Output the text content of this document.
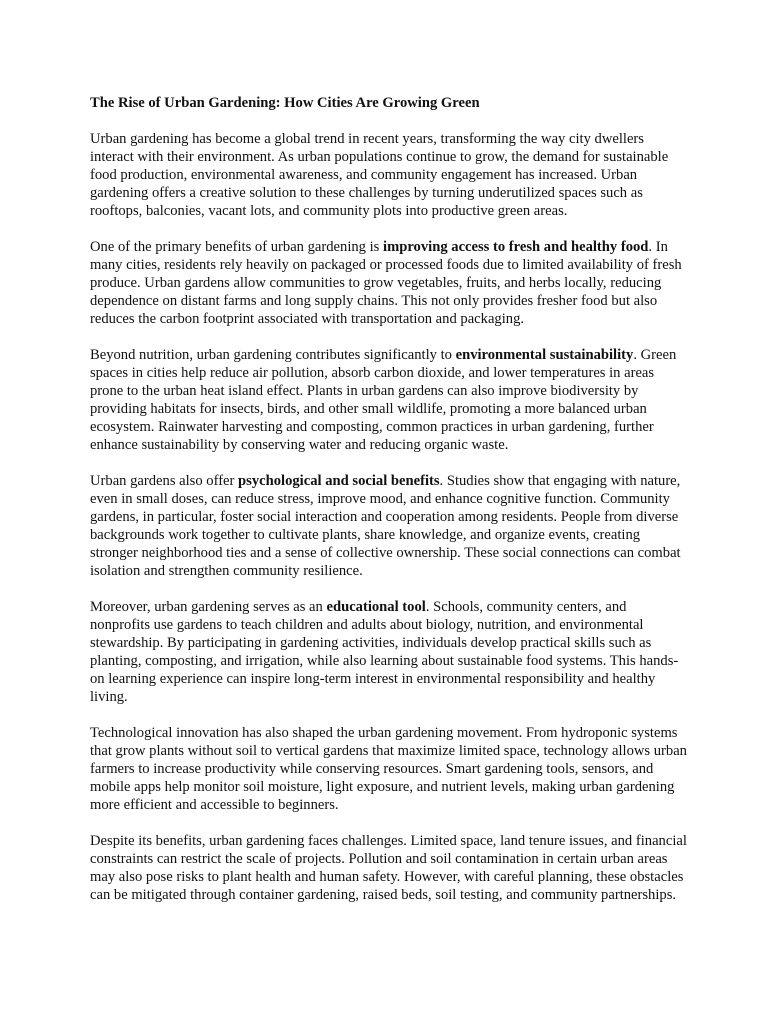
The Rise of Urban Gardening: How Cities Are Growing Green

Urban gardening has become a global trend in recent years, transforming the way city dwellers interact with their environment. As urban populations continue to grow, the demand for sustainable food production, environmental awareness, and community engagement has increased. Urban gardening offers a creative solution to these challenges by turning underutilized spaces such as rooftops, balconies, vacant lots, and community plots into productive green areas.

One of the primary benefits of urban gardening is improving access to fresh and healthy food. In many cities, residents rely heavily on packaged or processed foods due to limited availability of fresh produce. Urban gardens allow communities to grow vegetables, fruits, and herbs locally, reducing dependence on distant farms and long supply chains. This not only provides fresher food but also reduces the carbon footprint associated with transportation and packaging.

Beyond nutrition, urban gardening contributes significantly to environmental sustainability. Green spaces in cities help reduce air pollution, absorb carbon dioxide, and lower temperatures in areas prone to the urban heat island effect. Plants in urban gardens can also improve biodiversity by providing habitats for insects, birds, and other small wildlife, promoting a more balanced urban ecosystem. Rainwater harvesting and composting, common practices in urban gardening, further enhance sustainability by conserving water and reducing organic waste.

Urban gardens also offer psychological and social benefits. Studies show that engaging with nature, even in small doses, can reduce stress, improve mood, and enhance cognitive function. Community gardens, in particular, foster social interaction and cooperation among residents. People from diverse backgrounds work together to cultivate plants, share knowledge, and organize events, creating stronger neighborhood ties and a sense of collective ownership. These social connections can combat isolation and strengthen community resilience.

Moreover, urban gardening serves as an educational tool. Schools, community centers, and nonprofits use gardens to teach children and adults about biology, nutrition, and environmental stewardship. By participating in gardening activities, individuals develop practical skills such as planting, composting, and irrigation, while also learning about sustainable food systems. This hands-on learning experience can inspire long-term interest in environmental responsibility and healthy living.

Technological innovation has also shaped the urban gardening movement. From hydroponic systems that grow plants without soil to vertical gardens that maximize limited space, technology allows urban farmers to increase productivity while conserving resources. Smart gardening tools, sensors, and mobile apps help monitor soil moisture, light exposure, and nutrient levels, making urban gardening more efficient and accessible to beginners.

Despite its benefits, urban gardening faces challenges. Limited space, land tenure issues, and financial constraints can restrict the scale of projects. Pollution and soil contamination in certain urban areas may also pose risks to plant health and human safety. However, with careful planning, these obstacles can be mitigated through container gardening, raised beds, soil testing, and community partnerships.
